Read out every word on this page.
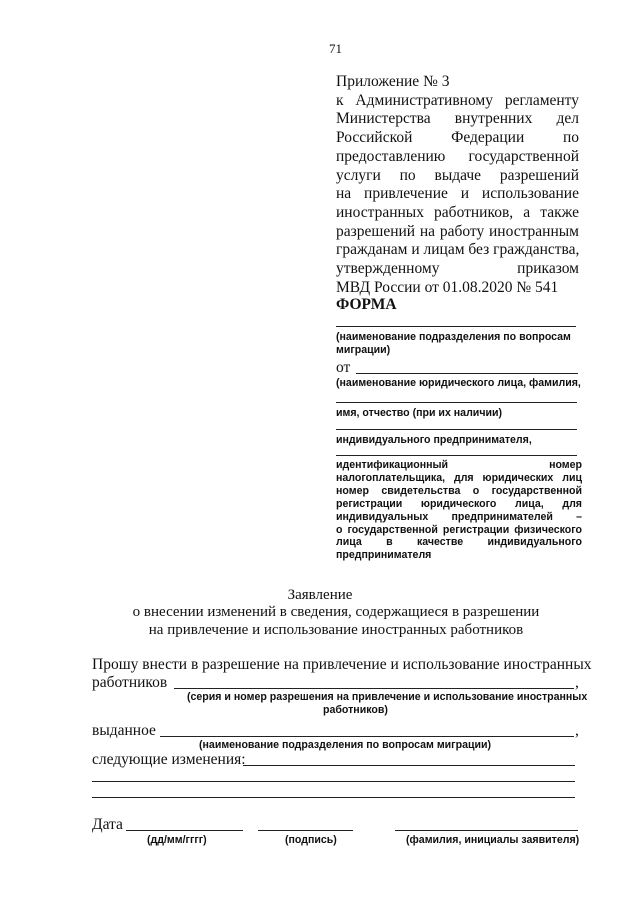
71
Приложение № 3
к Административному регламенту
Министерства внутренних дел
Российской Федерации по
предоставлению государственной
услуги по выдаче разрешений
на привлечение и использование
иностранных работников, а также
разрешений на работу иностранным
гражданам и лицам без гражданства,
утвержденному приказом
МВД России от 01.08.2020 № 541
ФОРМА
(наименование подразделения по вопросам
миграции)
от
(наименование юридического лица, фамилия,
имя, отчество (при их наличии)
индивидуального предпринимателя,
идентификационный номер
налогоплательщика, для юридических лиц
номер свидетельства о государственной
регистрации юридического лица, для
индивидуальных предпринимателей –
о государственной регистрации физического
лица в качестве индивидуального
предпринимателя
Заявление
о внесении изменений в сведения, содержащиеся в разрешении
на привлечение и использование иностранных работников
Прошу внести в разрешение на привлечение и использование иностранных
работников	,
(серия и номер разрешения на привлечение и использование иностранных
работников)
выданное	,
(наименование подразделения по вопросам миграции)
следующие изменения:
Дата
(дд/мм/гггг)	(подпись)	(фамилия, инициалы заявителя)
